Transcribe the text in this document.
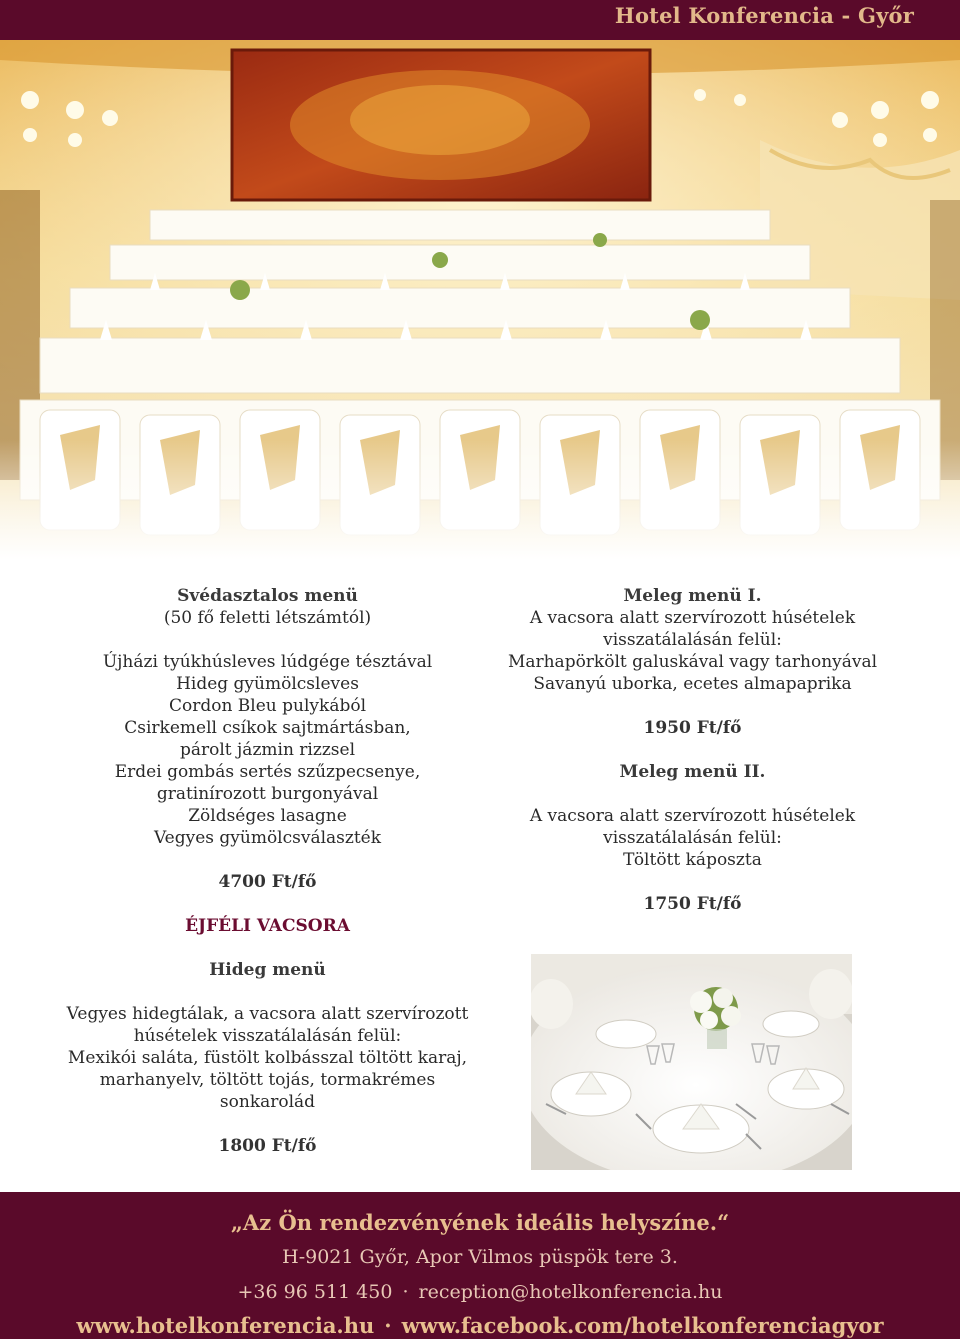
Hotel Konferencia - Győr

Svédasztalos menü

(50 fő feletti létszámtól)

Újházi tyúkhúsleves lúdgége tésztával

Hideg gyümölcsleves

Cordon Bleu pulykából

Csirkemell csíkok sajtmártásban,

párolt jázmin rizzsel

Erdei gombás sertés szűzpecsenye,

gratinírozott burgonyával

Zöldséges lasagne

Vegyes gyümölcsválaszték

4700 Ft/fő

ÉJFÉLI VACSORA

Hideg menü

Vegyes hidegtálak, a vacsora alatt szervírozott

húsételek visszatálalásán felül:

Mexikói saláta, füstölt kolbásszal töltött karaj,

marhanyelv, töltött tojás, tormakrémes

sonkarolád

1800 Ft/fő

Meleg menü I.

A vacsora alatt szervírozott húsételek

visszatálalásán felül:

Marhapörkölt galuskával vagy tarhonyával

Savanyú uborka, ecetes almapaprika

1950 Ft/fő

Meleg menü II.

A vacsora alatt szervírozott húsételek

visszatálalásán felül:

Töltött káposzta

1750 Ft/fő

„Az Ön rendezvényének ideális helyszíne.“
H-9021 Győr, Apor Vilmos püspök tere 3.
+36 96 511 450 · reception@hotelkonferencia.hu
www.hotelkonferencia.hu · www.facebook.com/hotelkonferenciagyor
